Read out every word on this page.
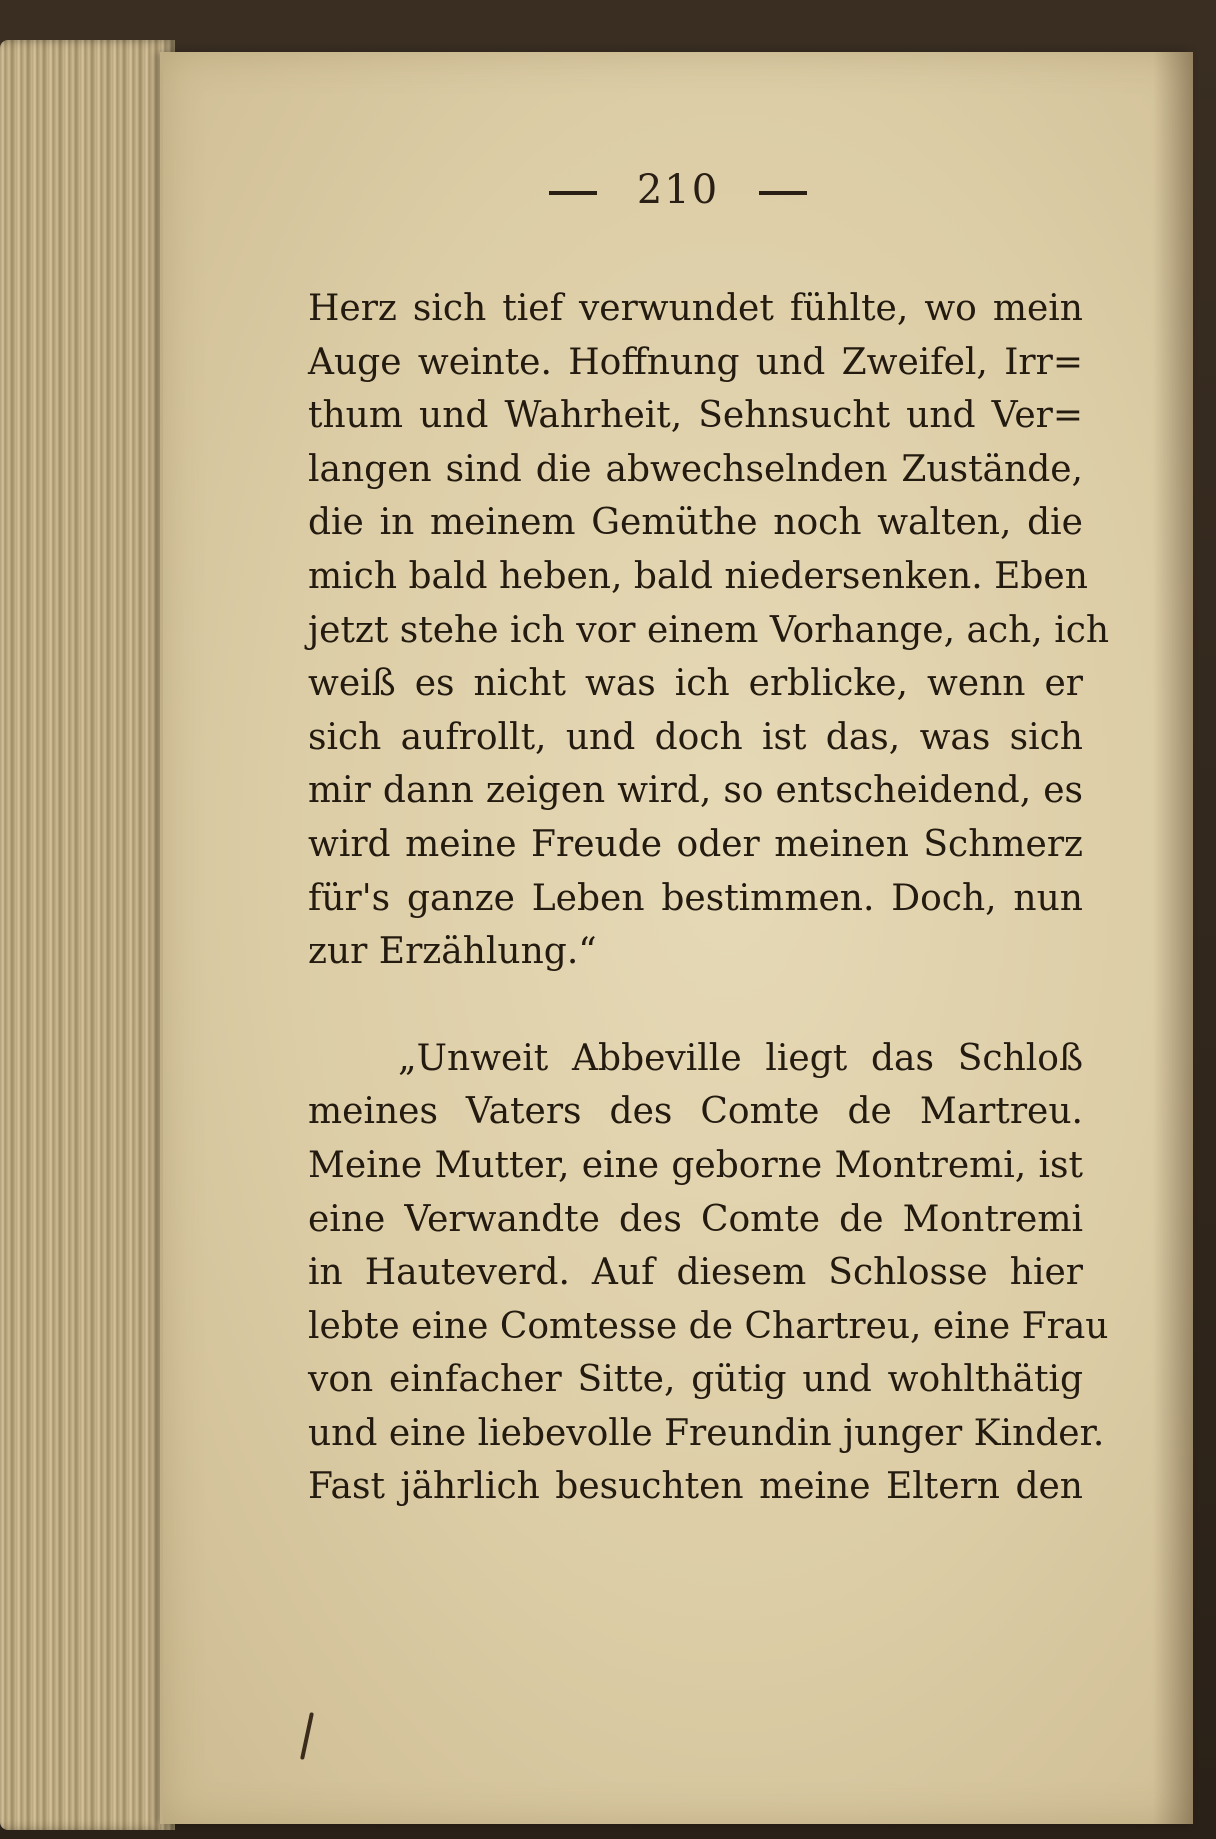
210
Herz sich tief verwundet fühlte, wo mein
Auge weinte. Hoffnung und Zweifel, Irr=
thum und Wahrheit, Sehnsucht und Ver=
langen sind die abwechselnden Zustände,
die in meinem Gemüthe noch walten, die
mich bald heben, bald niedersenken. Eben
jetzt stehe ich vor einem Vorhange, ach, ich
weiß es nicht was ich erblicke, wenn er
sich aufrollt, und doch ist das, was sich
mir dann zeigen wird, so entscheidend, es
wird meine Freude oder meinen Schmerz
für's ganze Leben bestimmen. Doch, nun
zur Erzählung.“
„Unweit Abbeville liegt das Schloß
meines Vaters des Comte de Martreu.
Meine Mutter, eine geborne Montremi, ist
eine Verwandte des Comte de Montremi
in Hauteverd. Auf diesem Schlosse hier
lebte eine Comtesse de Chartreu, eine Frau
von einfacher Sitte, gütig und wohlthätig
und eine liebevolle Freundin junger Kinder.
Fast jährlich besuchten meine Eltern den
